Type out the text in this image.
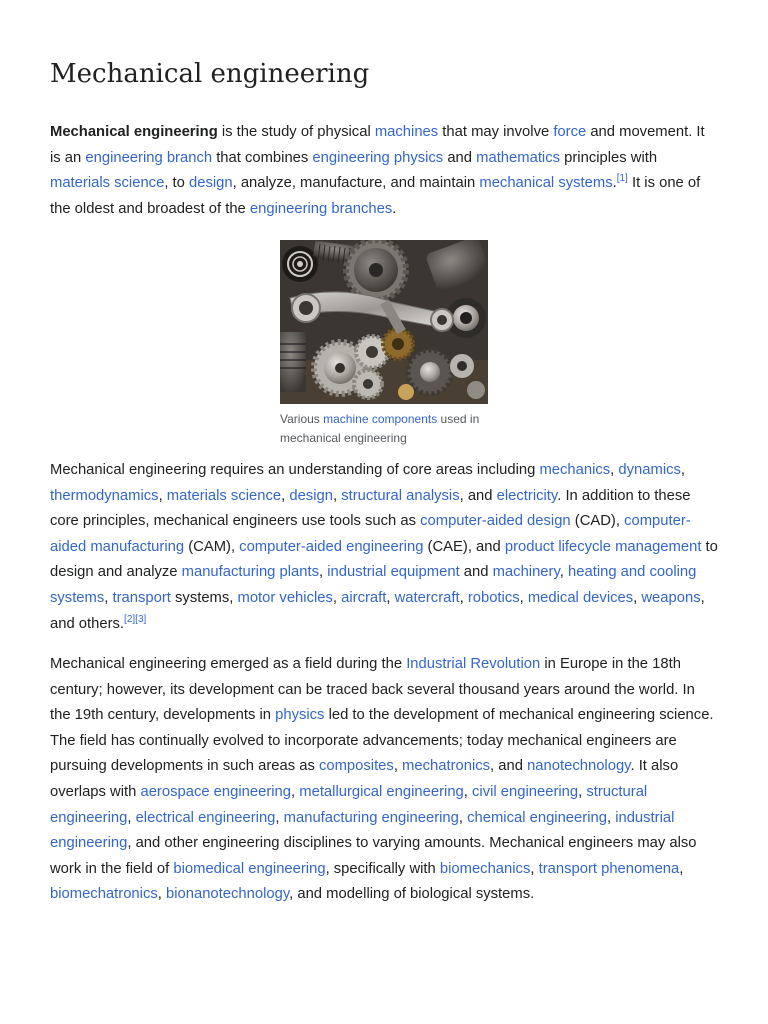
Mechanical engineering

Mechanical engineering is the study of physical machines that may involve force and movement. It is an engineering branch that combines engineering physics and mathematics principles with materials science, to design, analyze, manufacture, and maintain mechanical systems.[1] It is one of the oldest and broadest of the engineering branches.

Various machine components used in mechanical engineering

Mechanical engineering requires an understanding of core areas including mechanics, dynamics, thermodynamics, materials science, design, structural analysis, and electricity. In addition to these core principles, mechanical engineers use tools such as computer-aided design (CAD), computer-aided manufacturing (CAM), computer-aided engineering (CAE), and product lifecycle management to design and analyze manufacturing plants, industrial equipment and machinery, heating and cooling systems, transport systems, motor vehicles, aircraft, watercraft, robotics, medical devices, weapons, and others.[2][3]

Mechanical engineering emerged as a field during the Industrial Revolution in Europe in the 18th century; however, its development can be traced back several thousand years around the world. In the 19th century, developments in physics led to the development of mechanical engineering science. The field has continually evolved to incorporate advancements; today mechanical engineers are pursuing developments in such areas as composites, mechatronics, and nanotechnology. It also overlaps with aerospace engineering, metallurgical engineering, civil engineering, structural engineering, electrical engineering, manufacturing engineering, chemical engineering, industrial engineering, and other engineering disciplines to varying amounts. Mechanical engineers may also work in the field of biomedical engineering, specifically with biomechanics, transport phenomena, biomechatronics, bionanotechnology, and modelling of biological systems.
